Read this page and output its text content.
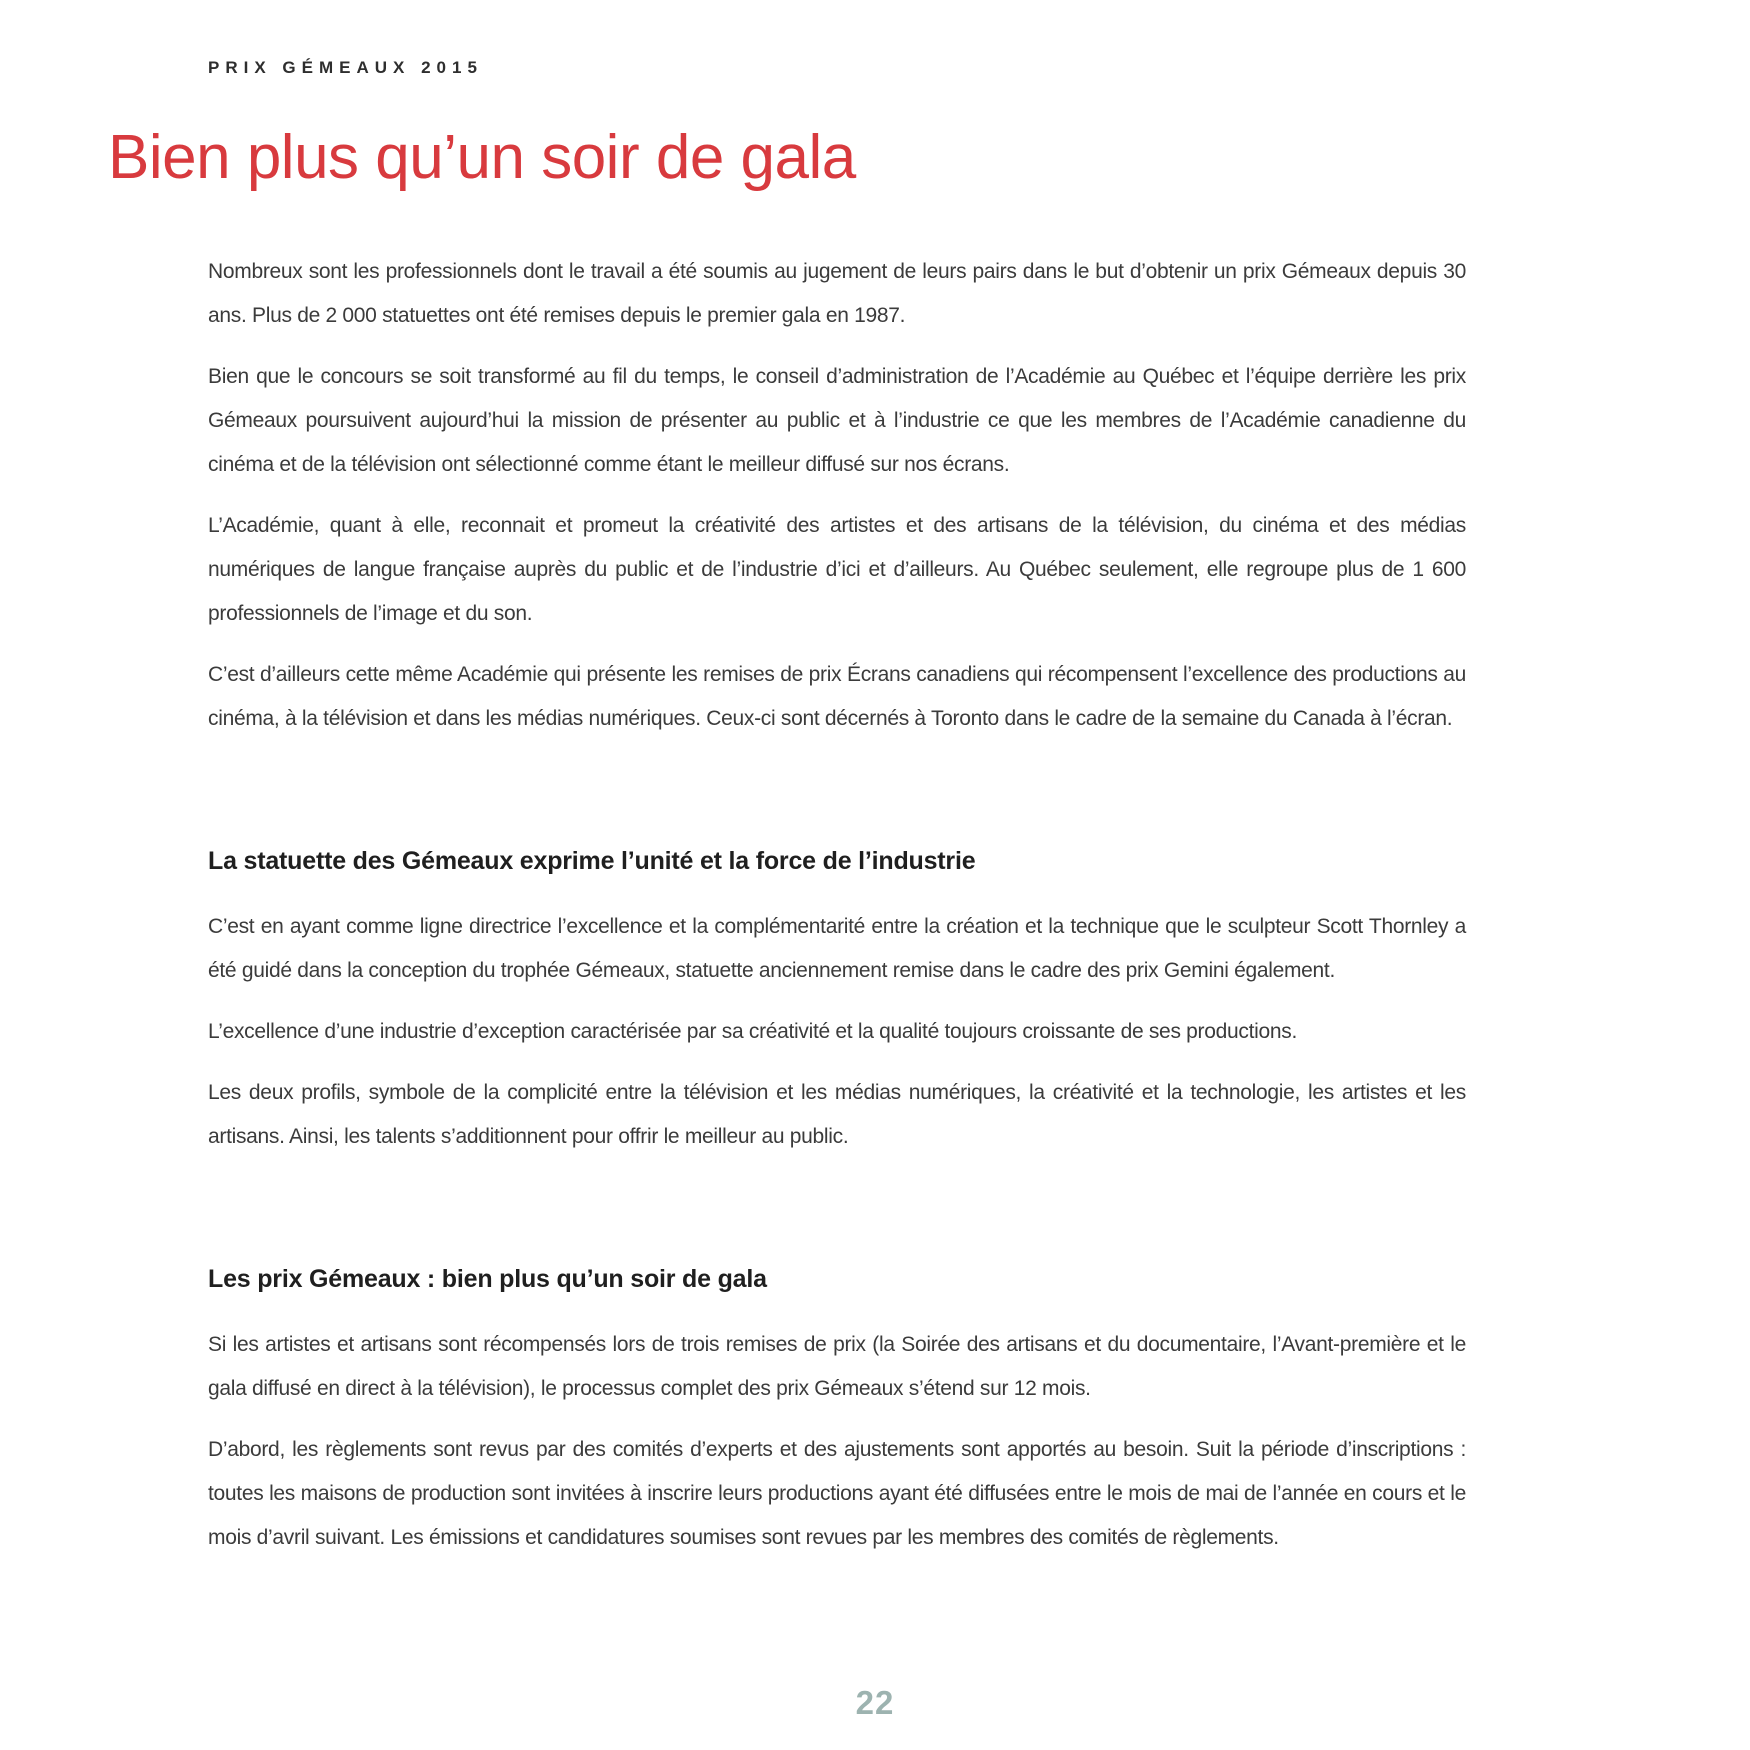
PRIX GÉMEAUX 2015
Bien plus qu’un soir de gala

Nombreux sont les professionnels dont le travail a été soumis au jugement de leurs pairs dans le but d’obtenir un prix Gémeaux depuis 30 ans. Plus de 2 000 statuettes ont été remises depuis le premier gala en 1987.

Bien que le concours se soit transformé au fil du temps, le conseil d’administration de l’Académie au Québec et l’équipe derrière les prix Gémeaux poursuivent aujourd’hui la mission de présenter au public et à l’industrie ce que les membres de l’Académie canadienne du cinéma et de la télévision ont sélectionné comme étant le meilleur diffusé sur nos écrans.

L’Académie, quant à elle, reconnait et promeut la créativité des artistes et des artisans de la télévision, du cinéma et des médias numériques de langue française auprès du public et de l’industrie d’ici et d’ailleurs. Au Québec seulement, elle regroupe plus de 1 600 professionnels de l’image et du son.

C’est d’ailleurs cette même Académie qui présente les remises de prix Écrans canadiens qui récompensent l’excellence des productions au cinéma, à la télévision et dans les médias numériques. Ceux-ci sont décernés à Toronto dans le cadre de la semaine du Canada à l’écran.

La statuette des Gémeaux exprime l’unité et la force de l’industrie

C’est en ayant comme ligne directrice l’excellence et la complémentarité entre la création et la technique que le sculpteur Scott Thornley a été guidé dans la conception du trophée Gémeaux, statuette anciennement remise dans le cadre des prix Gemini également.

L’excellence d’une industrie d’exception caractérisée par sa créativité et la qualité toujours croissante de ses productions.

Les deux profils, symbole de la complicité entre la télévision et les médias numériques, la créativité et la technologie, les artistes et les artisans. Ainsi, les talents s’additionnent pour offrir le meilleur au public.

Les prix Gémeaux : bien plus qu’un soir de gala

Si les artistes et artisans sont récompensés lors de trois remises de prix (la Soirée des artisans et du documentaire, l’Avant-première et le gala diffusé en direct à la télévision), le processus complet des prix Gémeaux s’étend sur 12 mois.

D’abord, les règlements sont revus par des comités d’experts et des ajustements sont apportés au besoin. Suit la période d’inscriptions : toutes les maisons de production sont invitées à inscrire leurs productions ayant été diffusées entre le mois de mai de l’année en cours et le mois d’avril suivant. Les émissions et candidatures soumises sont revues par les membres des comités de règlements.

22
